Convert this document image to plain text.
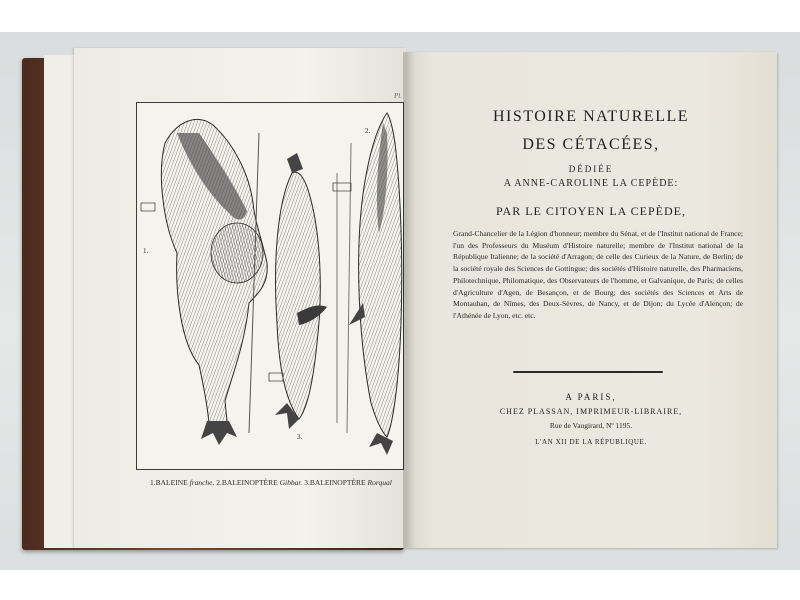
Pl.
1.
2.
3.
1.BALEINE franche. 2.BALEINOPTÈRE Gibbar. 3.BALEINOPTÈRE Rorqual
HISTOIRE NATURELLE
DES CÉTACÉES,
DÉDIÉE
A ANNE-CAROLINE LA CEPÈDE:
PAR LE CITOYEN LA CEPÈDE,
Grand-Chancelier de la Légion d'honneur; membre du Sénat, et de l'Institut national de France; l'un des Professeurs du Muséum d'Histoire naturelle; membre de l'Institut national de la République Italienne; de la société d'Arragon; de celle des Curieux de la Nature, de Berlin; de la société royale des Sciences de Gottingue; des sociétés d'Histoire naturelle, des Pharmaciens, Philotechnique, Philomatique, des Observateurs de l'homme, et Galvanique, de Paris; de celles d'Agriculture d'Agen, de Besançon, et de Bourg; des sociétés des Sciences et Arts de Montauban, de Nîmes, des Deux-Sèvres, de Nancy, et de Dijon; du Lycée d'Alençon; de l'Athénée de Lyon, etc. etc.
A PARIS,
CHEZ PLASSAN, IMPRIMEUR-LIBRAIRE,
Rue de Vaugirard, Nº 1195.
L'AN XII DE LA RÉPUBLIQUE.
